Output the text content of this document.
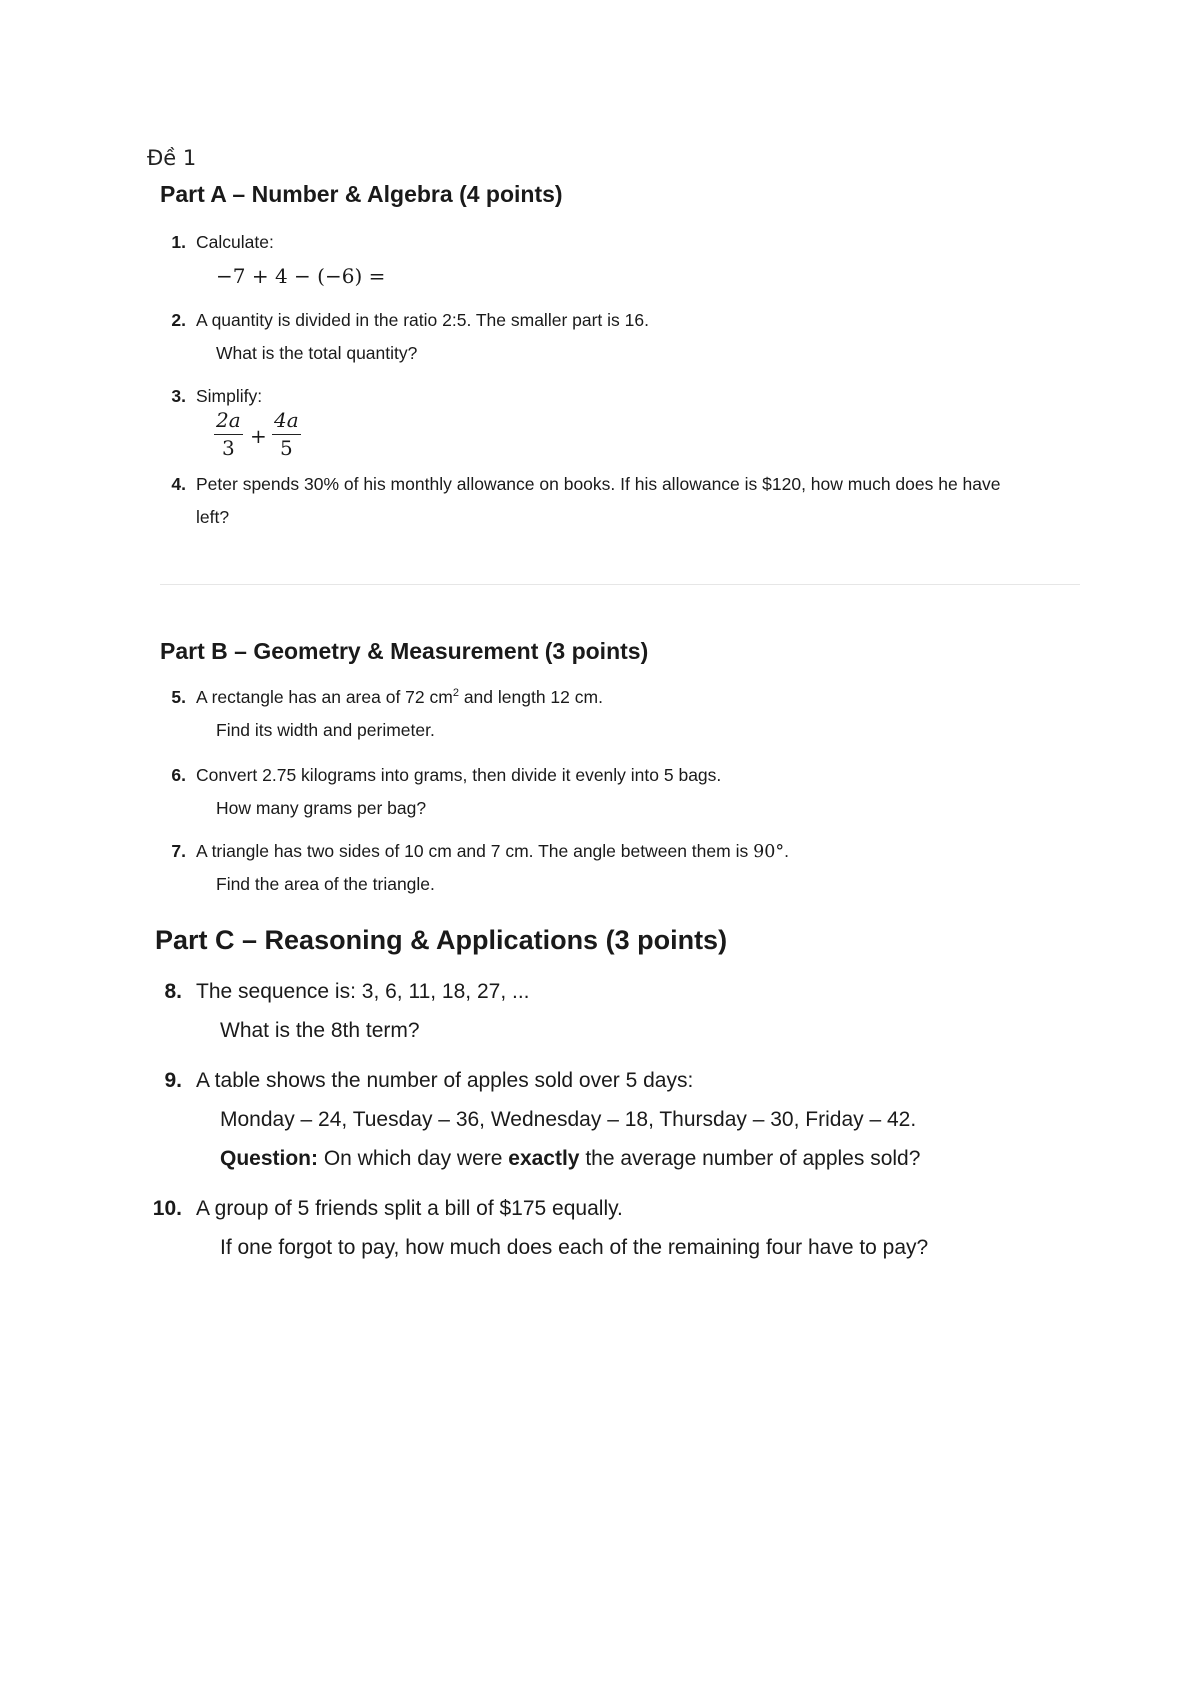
Đề 1
Part A – Number & Algebra (4 points)
1. Calculate:
−7 + 4 − (−6) =
2. A quantity is divided in the ratio 2:5. The smaller part is 16.
What is the total quantity?
3. Simplify:
2a
3 +
4a
5
4. Peter spends 30% of his monthly allowance on books. If his allowance is $120, how much does he have
left?
Part B – Geometry & Measurement (3 points)
5. A rectangle has an area of 72 $cm^2$ and length 12 cm.
Find its width and perimeter.
6. Convert 2.75 kilograms into grams, then divide it evenly into 5 bags.
How many grams per bag?
7. A triangle has two sides of 10 cm and 7 cm. The angle between them is 90°.
Find the area of the triangle.
Part C – Reasoning & Applications (3 points)
8. The sequence is: 3, 6, 11, 18, 27, ...
What is the 8th term?
9. A table shows the number of apples sold over 5 days:
Monday – 24, Tuesday – 36, Wednesday – 18, Thursday – 30, Friday – 42.
Question: On which day were exactly the average number of apples sold?
10. A group of 5 friends split a bill of $175 equally.
If one forgot to pay, how much does each of the remaining four have to pay?
